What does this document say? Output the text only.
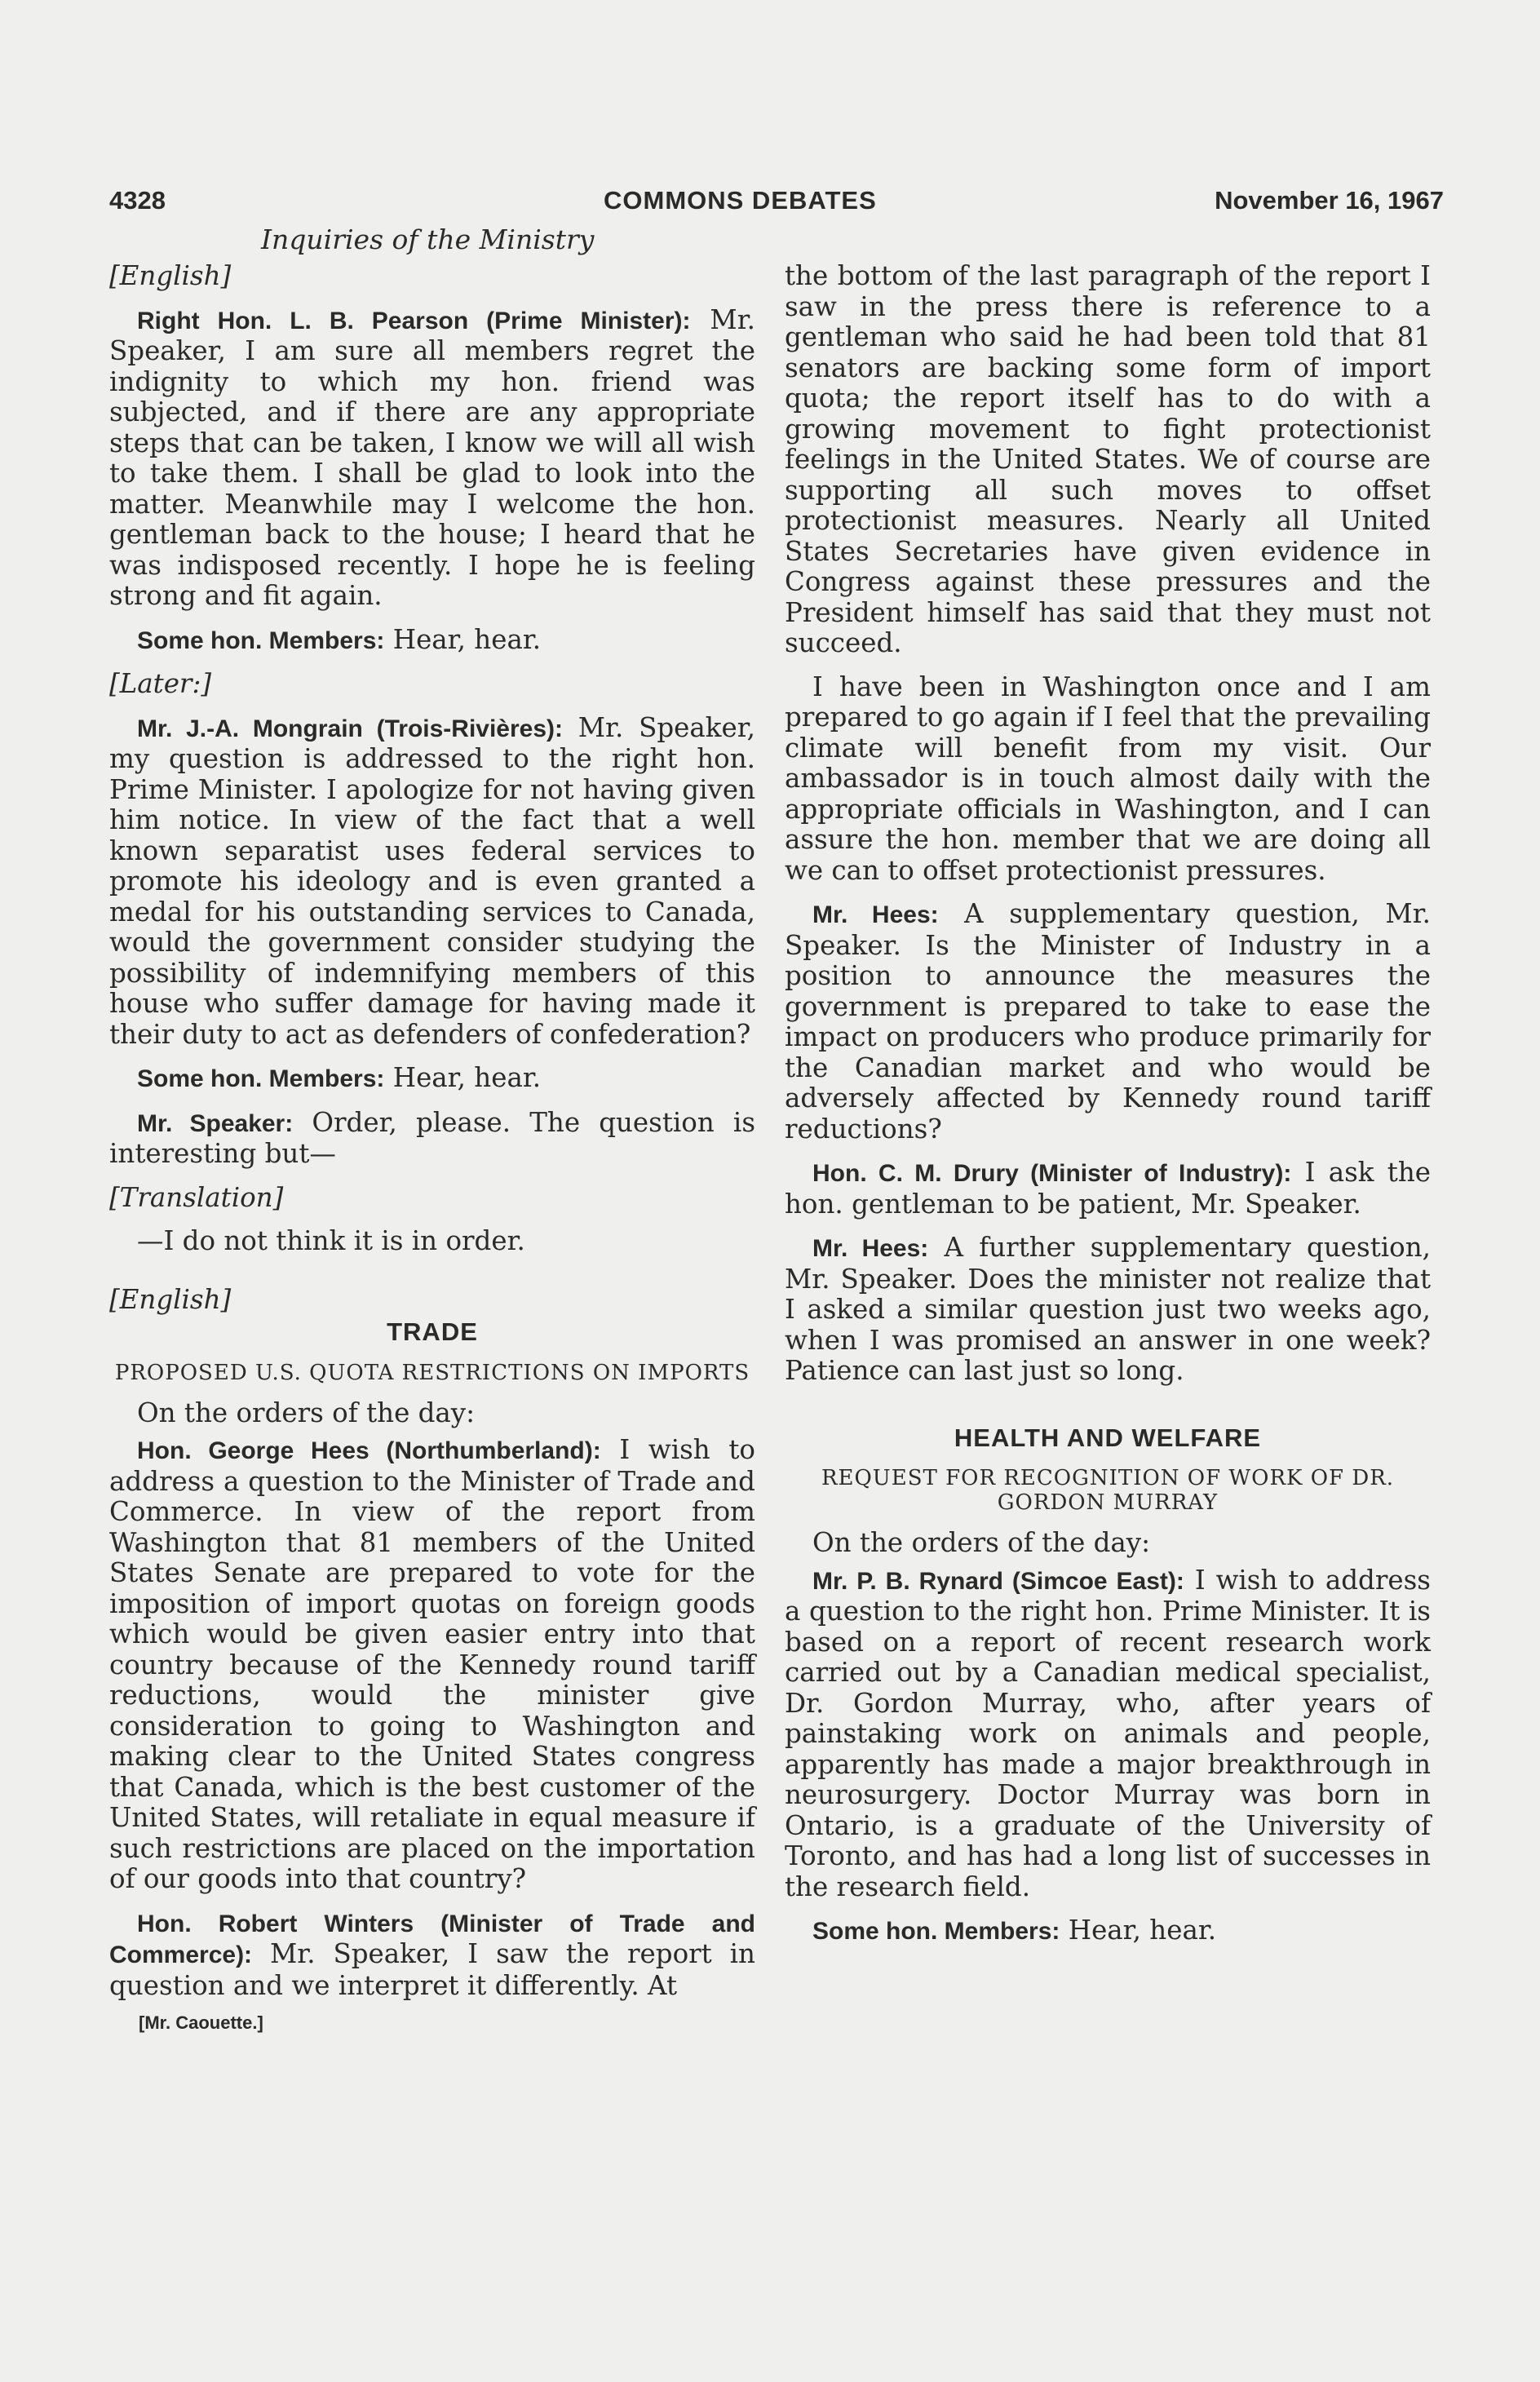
4328	COMMONS DEBATES	November 16, 1967
Inquiries of the Ministry

[English]

Right Hon. L. B. Pearson (Prime Minister): Mr. Speaker, I am sure all members regret the indignity to which my hon. friend was subjected, and if there are any appropriate steps that can be taken, I know we will all wish to take them. I shall be glad to look into the matter. Meanwhile may I welcome the hon. gentleman back to the house; I heard that he was indisposed recently. I hope he is feeling strong and fit again.

Some hon. Members: Hear, hear.

[Later:]

Mr. J.-A. Mongrain (Trois-Rivières): Mr. Speaker, my question is addressed to the right hon. Prime Minister. I apologize for not having given him notice. In view of the fact that a well known separatist uses federal services to promote his ideology and is even granted a medal for his outstanding services to Canada, would the government consider studying the possibility of indemnifying members of this house who suffer damage for having made it their duty to act as defenders of confederation?

Some hon. Members: Hear, hear.

Mr. Speaker: Order, please. The question is interesting but—

[Translation]

—I do not think it is in order.

[English]

TRADE

PROPOSED U.S. QUOTA RESTRICTIONS ON IMPORTS

On the orders of the day:

Hon. George Hees (Northumberland): I wish to address a question to the Minister of Trade and Commerce. In view of the report from Washington that 81 members of the United States Senate are prepared to vote for the imposition of import quotas on foreign goods which would be given easier entry into that country because of the Kennedy round tariff reductions, would the minister give consideration to going to Washington and making clear to the United States congress that Canada, which is the best customer of the United States, will retaliate in equal measure if such restrictions are placed on the importation of our goods into that country?

Hon. Robert Winters (Minister of Trade and Commerce): Mr. Speaker, I saw the report in question and we interpret it differently. At

[Mr. Caouette.]

the bottom of the last paragraph of the report I saw in the press there is reference to a gentleman who said he had been told that 81 senators are backing some form of import quota; the report itself has to do with a growing movement to fight protectionist feelings in the United States. We of course are supporting all such moves to offset protectionist measures. Nearly all United States Secretaries have given evidence in Congress against these pressures and the President himself has said that they must not succeed.

I have been in Washington once and I am prepared to go again if I feel that the prevailing climate will benefit from my visit. Our ambassador is in touch almost daily with the appropriate officials in Washington, and I can assure the hon. member that we are doing all we can to offset protectionist pressures.

Mr. Hees: A supplementary question, Mr. Speaker. Is the Minister of Industry in a position to announce the measures the government is prepared to take to ease the impact on producers who produce primarily for the Canadian market and who would be adversely affected by Kennedy round tariff reductions?

Hon. C. M. Drury (Minister of Industry): I ask the hon. gentleman to be patient, Mr. Speaker.

Mr. Hees: A further supplementary question, Mr. Speaker. Does the minister not realize that I asked a similar question just two weeks ago, when I was promised an answer in one week? Patience can last just so long.

HEALTH AND WELFARE

REQUEST FOR RECOGNITION OF WORK OF DR. GORDON MURRAY

On the orders of the day:

Mr. P. B. Rynard (Simcoe East): I wish to address a question to the right hon. Prime Minister. It is based on a report of recent research work carried out by a Canadian medical specialist, Dr. Gordon Murray, who, after years of painstaking work on animals and people, apparently has made a major breakthrough in neurosurgery. Doctor Murray was born in Ontario, is a graduate of the University of Toronto, and has had a long list of successes in the research field.

Some hon. Members: Hear, hear.
